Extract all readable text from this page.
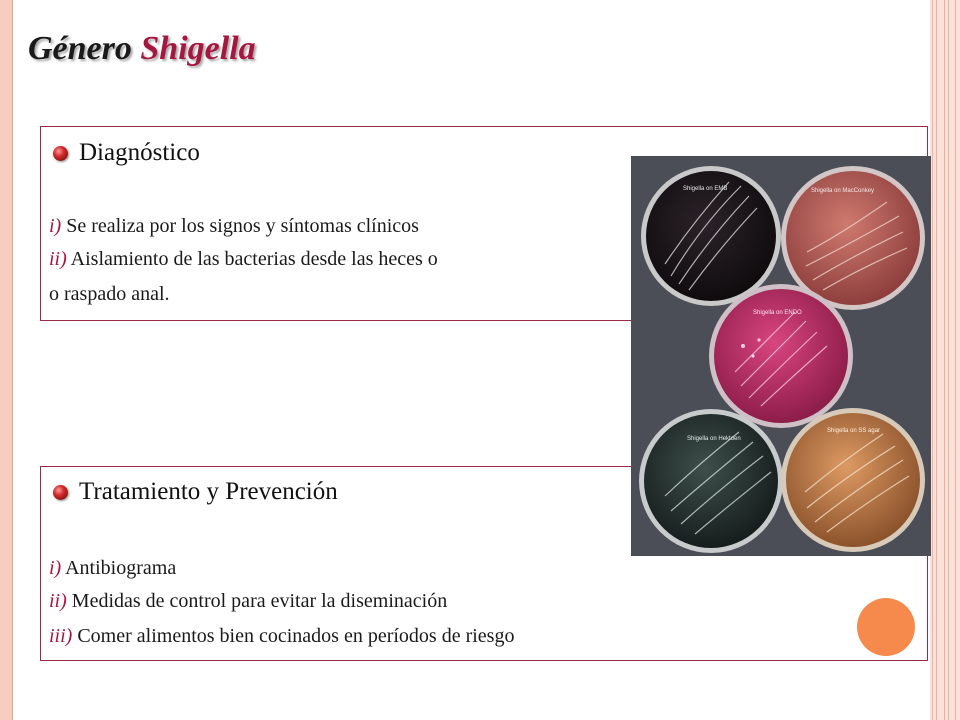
Género Shigella
Diagnóstico
i) Se realiza por los signos y síntomas clínicos
ii) Aislamiento de las bacterias desde las heces o
o raspado anal.
Tratamiento y Prevención
i) Antibiograma
ii) Medidas de control para evitar la diseminación
iii) Comer alimentos bien cocinados en períodos de riesgo
Shigella on EMB	Shigella on MacConkey
Shigella on ENDO
Shigella on Hektoen
Shigella on SS agar
